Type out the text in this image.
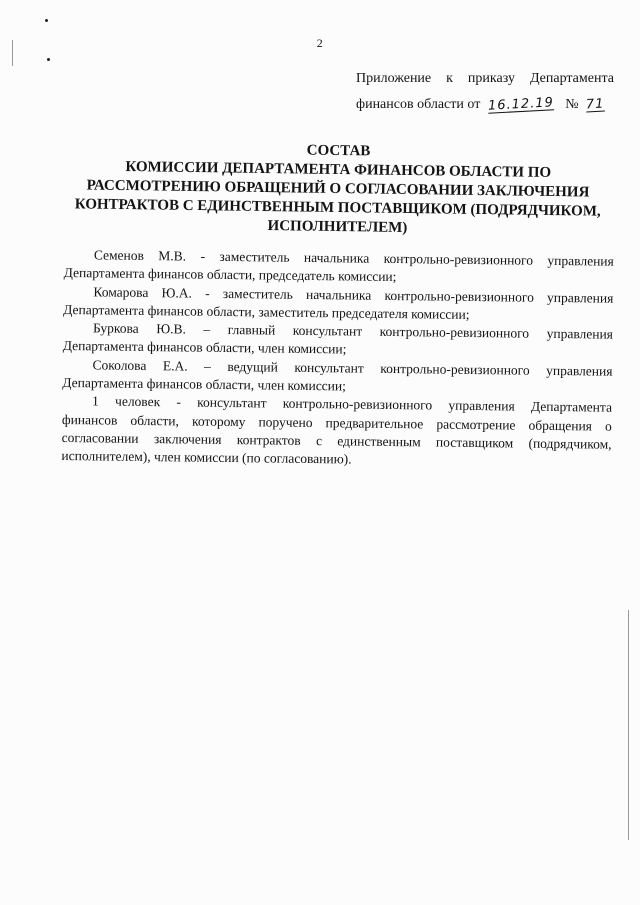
2
Приложение к приказу Департамента
финансов области от 16.12.19 № 71
СОСТАВ
КОМИССИИ ДЕПАРТАМЕНТА ФИНАНСОВ ОБЛАСТИ ПО
РАССМОТРЕНИЮ ОБРАЩЕНИЙ О СОГЛАСОВАНИИ ЗАКЛЮЧЕНИЯ
КОНТРАКТОВ С ЕДИНСТВЕННЫМ ПОСТАВЩИКОМ (ПОДРЯДЧИКОМ,
ИСПОЛНИТЕЛЕМ)
Семенов М.В. - заместитель начальника контрольно-ревизионного управления
Департамента финансов области, председатель комиссии;
Комарова Ю.А. - заместитель начальника контрольно-ревизионного управления
Департамента финансов области, заместитель председателя комиссии;
Буркова Ю.В. – главный консультант контрольно-ревизионного управления
Департамента финансов области, член комиссии;
Соколова Е.А. – ведущий консультант контрольно-ревизионного управления
Департамента финансов области, член комиссии;
1 человек - консультант контрольно-ревизионного управления Департамента
финансов области, которому поручено предварительное рассмотрение обращения о
согласовании заключения контрактов с единственным поставщиком (подрядчиком,
исполнителем), член комиссии (по согласованию).
